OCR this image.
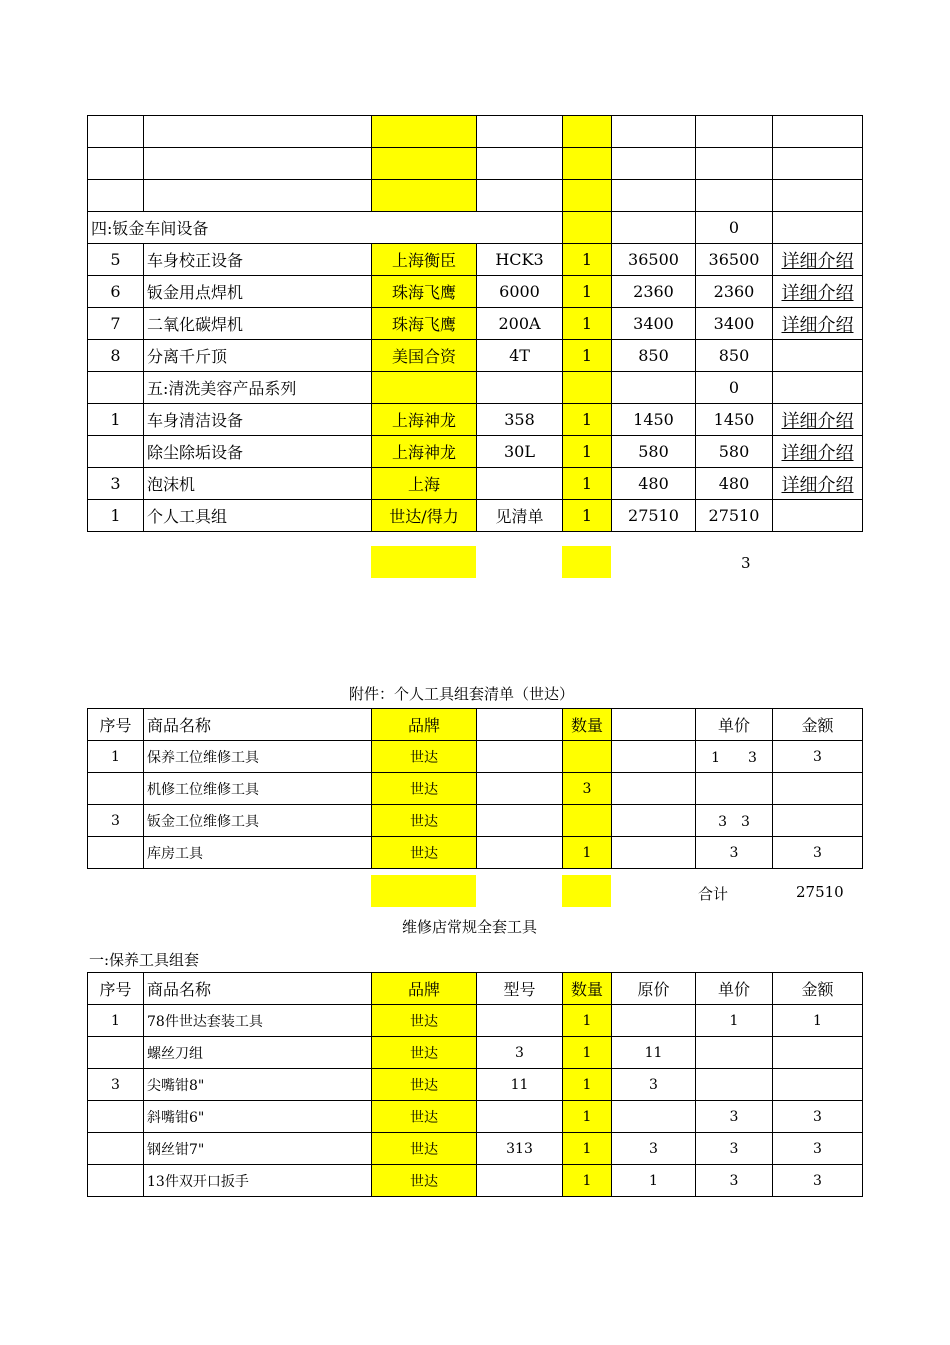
四:钣金车间设备						0	
5	车身校正设备	上海衡臣	HCK3	1	36500	36500	详细介绍
6	钣金用点焊机	珠海飞鹰	6000	1	2360	2360	详细介绍
7	二氧化碳焊机	珠海飞鹰	200A	1	3400	3400	详细介绍
8	分离千斤顶	美国合资	4T	1	850	850	
	五:清洗美容产品系列					0	
1	车身清洁设备	上海神龙	358	1	1450	1450	详细介绍
	除尘除垢设备	上海神龙	30L	1	580	580	详细介绍
3	泡沫机	上海		1	480	480	详细介绍
1	个人工具组	世达/得力	见清单	1	27510	27510	
3
附件：个人工具组套清单（世达）
序号	商品名称	品牌		数量		单价	金额
1	保养工位维修工具	世达				1　　3	3
	机修工位维修工具	世达		3			
3	钣金工位维修工具	世达				3　3	
	库房工具	世达		1		3	3
合计	27510
维修店常规全套工具
一:保养工具组套
序号	商品名称	品牌	型号	数量	原价	单价	金额
1	78件世达套装工具	世达		1		1	1
	螺丝刀组	世达	3	1	11		
3	尖嘴钳8"	世达	11	1	3		
	斜嘴钳6"	世达		1		3	3
	钢丝钳7"	世达	313	1	3	3	3
	13件双开口扳手	世达		1	1	3	3
